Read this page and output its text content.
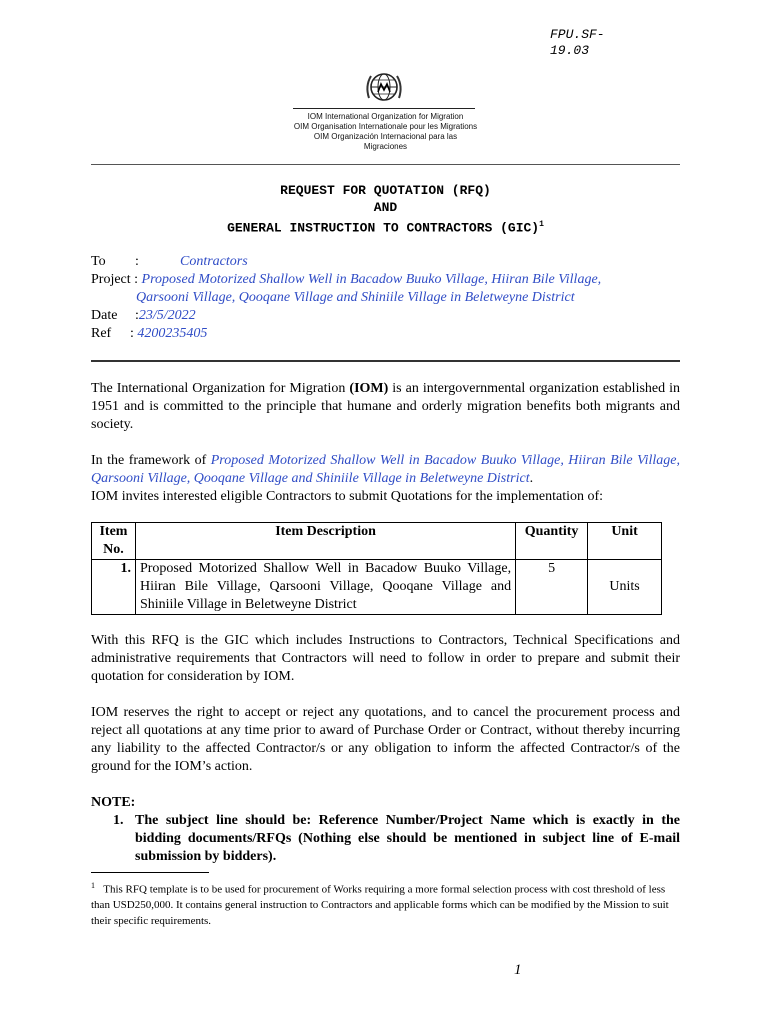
FPU.SF-19.03
IOM International Organization for Migration
OIM Organisation Internationale pour les Migrations
OIM Organización Internacional para las Migraciones
REQUEST FOR QUOTATION (RFQ)
AND
GENERAL INSTRUCTION TO CONTRACTORS (GIC)$^1$
To :	Contractors
Project : Proposed Motorized Shallow Well in Bacadow Buuko Village, Hiiran Bile Village,
Qarsooni Village, Qooqane Village and Shiniile Village in Beletweyne District
Date :23/5/2022
Ref : 4200235405
The International Organization for Migration (IOM) is an intergovernmental organization established in 1951 and is committed to the principle that humane and orderly migration benefits both migrants and society.
In the framework of Proposed Motorized Shallow Well in Bacadow Buuko Village, Hiiran Bile Village, Qarsooni Village, Qooqane Village and Shiniile Village in Beletweyne District.
IOM invites interested eligible Contractors to submit Quotations for the implementation of:
Item No.	Item Description	Quantity	Unit
1.	Proposed Motorized Shallow Well in Bacadow Buuko Village, Hiiran Bile Village, Qarsooni Village, Qooqane Village and Shiniile Village in Beletweyne District	5	Units
With this RFQ is the GIC which includes Instructions to Contractors, Technical Specifications and administrative requirements that Contractors will need to follow in order to prepare and submit their quotation for consideration by IOM.
IOM reserves the right to accept or reject any quotations, and to cancel the procurement process and reject all quotations at any time prior to award of Purchase Order or Contract, without thereby incurring any liability to the affected Contractor/s or any obligation to inform the affected Contractor/s of the ground for the IOM’s action.
NOTE:
1. The subject line should be: Reference Number/Project Name which is exactly in the bidding documents/RFQs (Nothing else should be mentioned in subject line of E-mail submission by bidders).
$^1$ This RFQ template is to be used for procurement of Works requiring a more formal selection process with cost threshold of less than USD250,000. It contains general instruction to Contractors and applicable forms which can be modified by the Mission to suit their specific requirements.
1
